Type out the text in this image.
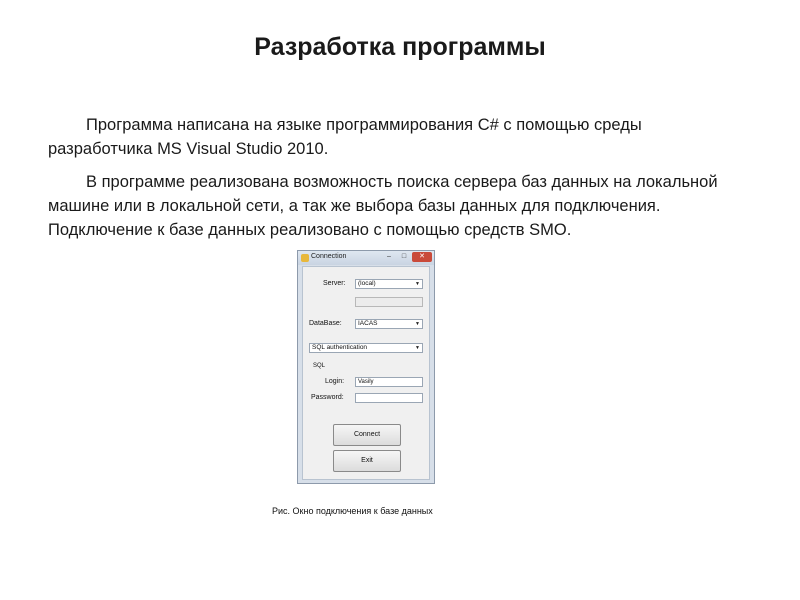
Разработка программы
Программа написана на языке программирования C# с помощью среды разработчика MS Visual Studio 2010.
В программе реализована возможность поиска сервера баз данных на локальной машине или в локальной сети, а так же выбора базы данных для подключения. Подключение к базе данных реализовано с помощью средств SMO.
Connection	–	□	✕
Server:	(local)	▼
DataBase:	IACAS	▼
SQL authentication	▼
SQL
Login:	Vasily
Password:
Connect
Exit
Рис. Окно подключения к базе данных
